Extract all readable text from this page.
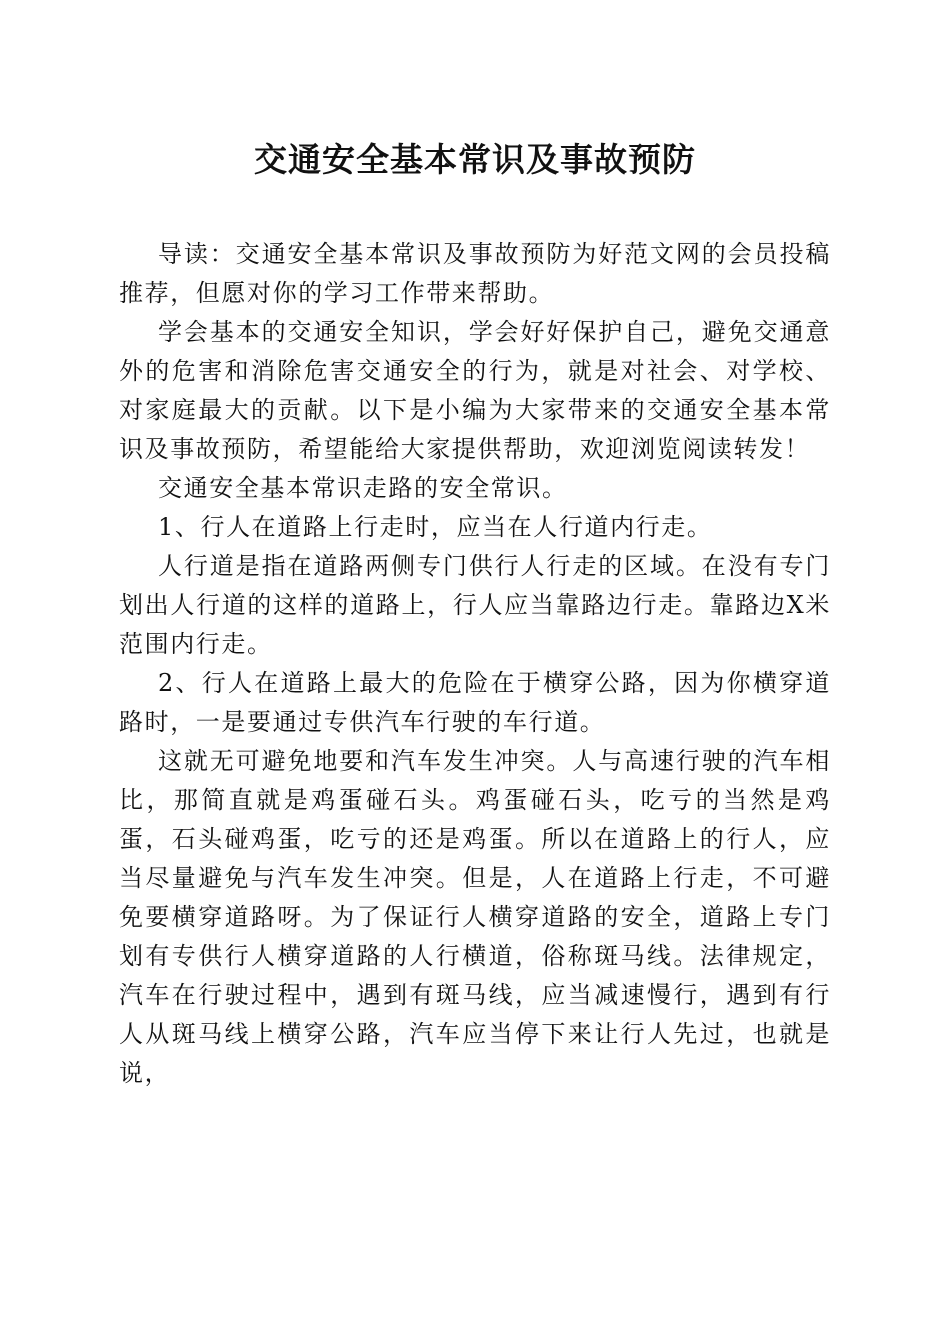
交通安全基本常识及事故预防

导读：交通安全基本常识及事故预防为好范文网的会员投稿推荐，但愿对你的学习工作带来帮助。

学会基本的交通安全知识，学会好好保护自己，避免交通意外的危害和消除危害交通安全的行为，就是对社会、对学校、对家庭最大的贡献。以下是小编为大家带来的交通安全基本常识及事故预防，希望能给大家提供帮助，欢迎浏览阅读转发！

交通安全基本常识走路的安全常识。

1、行人在道路上行走时，应当在人行道内行走。

人行道是指在道路两侧专门供行人行走的区域。在没有专门划出人行道的这样的道路上，行人应当靠路边行走。靠路边X米范围内行走。

2、行人在道路上最大的危险在于横穿公路，因为你横穿道路时，一是要通过专供汽车行驶的车行道。

这就无可避免地要和汽车发生冲突。人与高速行驶的汽车相比，那简直就是鸡蛋碰石头。鸡蛋碰石头，吃亏的当然是鸡蛋，石头碰鸡蛋，吃亏的还是鸡蛋。所以在道路上的行人，应当尽量避免与汽车发生冲突。但是，人在道路上行走，不可避免要横穿道路呀。为了保证行人横穿道路的安全，道路上专门划有专供行人横穿道路的人行横道，俗称斑马线。法律规定，汽车在行驶过程中，遇到有斑马线，应当减速慢行，遇到有行人从斑马线上横穿公路，汽车应当停下来让行人先过，也就是说，
